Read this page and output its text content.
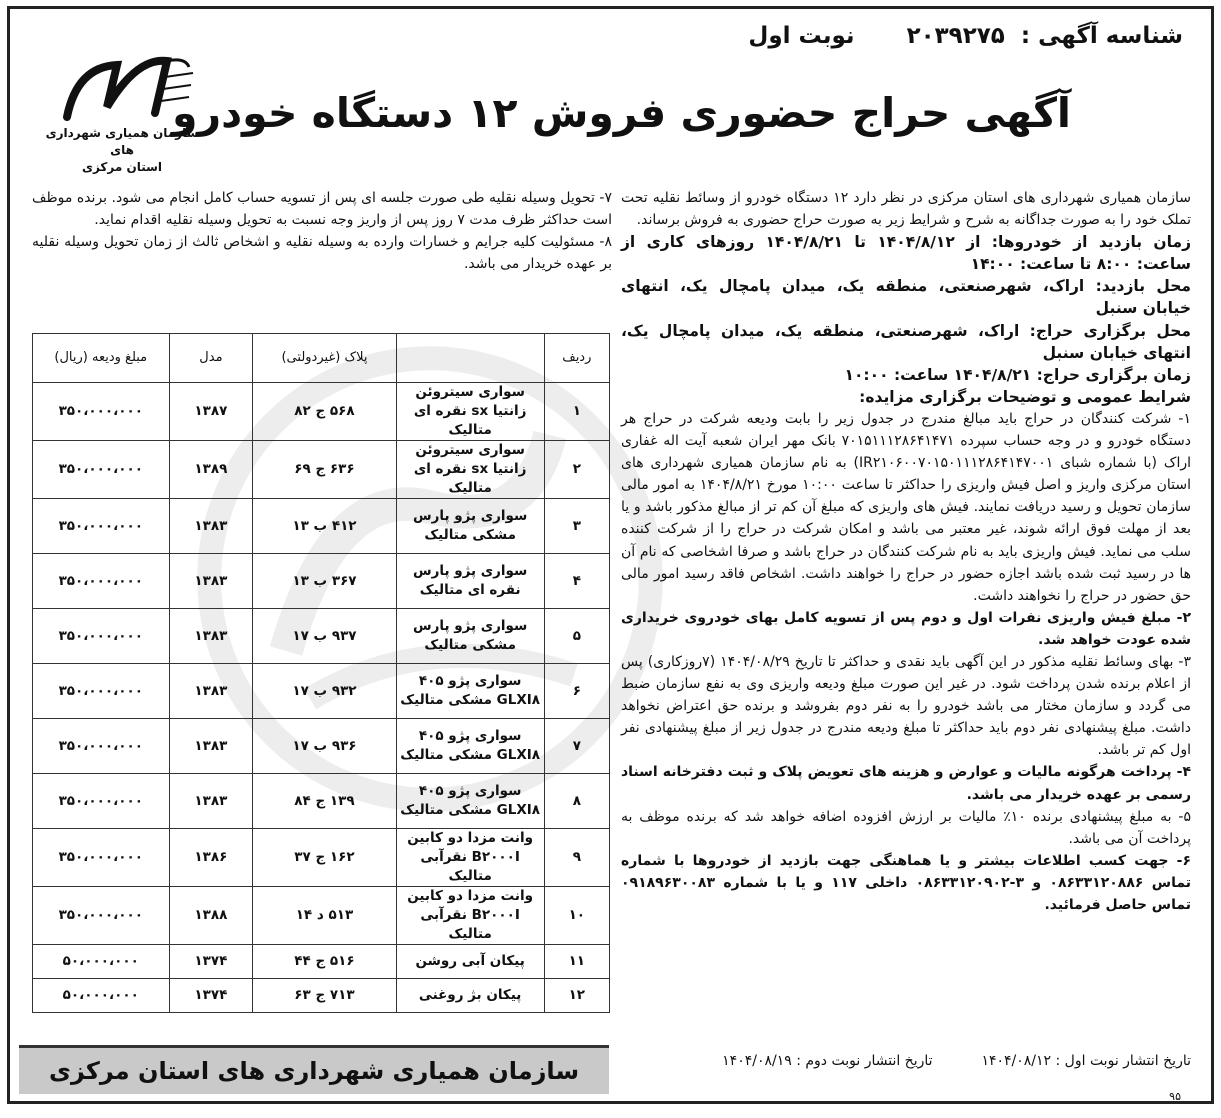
شناسه آگهی : ۲۰۳۹۲۷۵ نوبت اول
آگهی حراج حضوری فروش ۱۲ دستگاه خودرو
سازمان همیاری شهرداری های
استان مرکزی

سازمان همیاری شهرداری های استان مرکزی در نظر دارد ۱۲ دستگاه خودرو از وسائط نقلیه تحت تملک خود را به صورت جداگانه به شرح و شرایط زیر به صورت حراج حضوری به فروش برساند.

زمان بازدید از خودروها: از ۱۴۰۴/۸/۱۲ تا ۱۴۰۴/۸/۲۱ روزهای کاری از ساعت: ۸:۰۰ تا ساعت: ۱۴:۰۰

محل بازدید: اراک، شهرصنعتی، منطقه یک، میدان پامچال یک، انتهای خیابان سنبل

محل برگزاری حراج: اراک، شهرصنعتی، منطقه یک، میدان پامچال یک، انتهای خیابان سنبل

زمان برگزاری حراج: ۱۴۰۴/۸/۲۱ ساعت: ۱۰:۰۰

شرایط عمومی و توضیحات برگزاری مزایده:

۱- شرکت کنندگان در حراج باید مبالغ مندرج در جدول زیر را بابت ودیعه شرکت در حراج هر دستگاه خودرو و در وجه حساب سپرده ۷۰۱۵۱۱۱۲۸۶۴۱۴۷۱ بانک مهر ایران شعبه آیت اله غفاری اراک (با شماره شبای IR۲۱۰۶۰۰۷۰۱۵۰۱۱۱۲۸۶۴۱۴۷۰۰۱) به نام سازمان همیاری شهرداری های استان مرکزی واریز و اصل فیش واریزی را حداکثر تا ساعت ۱۰:۰۰ مورخ ۱۴۰۴/۸/۲۱ به امور مالی سازمان تحویل و رسید دریافت نمایند. فیش های واریزی که مبلغ آن کم تر از مبالغ مذکور باشد و یا بعد از مهلت فوق ارائه شوند، غیر معتبر می باشد و امکان شرکت در حراج را از شرکت کننده سلب می نماید. فیش واریزی باید به نام شرکت کنندگان در حراج باشد و صرفا اشخاصی که نام آن ها در رسید ثبت شده باشد اجازه حضور در حراج را خواهند داشت. اشخاص فاقد رسید امور مالی حق حضور در حراج را نخواهند داشت.

۲- مبلغ فیش واریزی نفرات اول و دوم پس از تسویه کامل بهای خودروی خریداری شده عودت خواهد شد.

۳- بهای وسائط نقلیه مذکور در این آگهی باید نقدی و حداکثر تا تاریخ ۱۴۰۴/۰۸/۲۹ (۷روزکاری) پس از اعلام برنده شدن پرداخت شود. در غیر این صورت مبلغ ودیعه واریزی وی به نفع سازمان ضبط می گردد و سازمان مختار می باشد خودرو را به نفر دوم بفروشد و برنده حق اعتراض نخواهد داشت. مبلغ پیشنهادی نفر دوم باید حداکثر تا مبلغ ودیعه مندرج در جدول زیر از مبلغ پیشنهادی نفر اول کم تر باشد.

۴- پرداخت هرگونه مالیات و عوارض و هزینه های تعویض پلاک و ثبت دفترخانه اسناد رسمی بر عهده خریدار می باشد.

۵- به مبلغ پیشنهادی برنده ۱۰٪ مالیات بر ارزش افزوده اضافه خواهد شد که برنده موظف به پرداخت آن می باشد.

۶- جهت کسب اطلاعات بیشتر و یا هماهنگی جهت بازدید از خودروها با شماره تماس ۰۸۶۳۳۱۲۰۸۸۶ و ۳-۰۸۶۳۳۱۲۰۹۰۲ داخلی ۱۱۷ و یا با شماره ۰۹۱۸۹۶۳۰۰۸۳ تماس حاصل فرمائید.

تاریخ انتشار نوبت اول : ۱۴۰۴/۰۸/۱۲  تاریخ انتشار نوبت دوم : ۱۴۰۴/۰۸/۱۹

۷- تحویل وسیله نقلیه طی صورت جلسه ای پس از تسویه حساب کامل انجام می شود. برنده موظف است حداکثر ظرف مدت ۷ روز پس از واریز وجه نسبت به تحویل وسیله نقلیه اقدام نماید.

۸- مسئولیت کلیه جرایم و خسارات وارده به وسیله نقلیه و اشخاص ثالث از زمان تحویل وسیله نقلیه بر عهده خریدار می باشد.

ردیف		پلاک (غیردولتی)	مدل	مبلغ ودیعه (ریال)
۱	سواری سیتروئن زانتیا sx نقره ای متالیک	۵۶۸ ج ۸۲	۱۳۸۷	۳۵۰،۰۰۰،۰۰۰
۲	سواری سیتروئن زانتیا sx نقره ای متالیک	۶۳۶ ج ۶۹	۱۳۸۹	۳۵۰،۰۰۰،۰۰۰
۳	سواری پژو پارس مشکی متالیک	۴۱۲ ب ۱۳	۱۳۸۳	۳۵۰،۰۰۰،۰۰۰
۴	سواری پژو پارس نقره ای متالیک	۳۶۷ ب ۱۳	۱۳۸۳	۳۵۰،۰۰۰،۰۰۰
۵	سواری پژو پارس مشکی متالیک	۹۳۷ ب ۱۷	۱۳۸۳	۳۵۰،۰۰۰،۰۰۰
۶	سواری پژو ۴۰۵ GLXI۸ مشکی متالیک	۹۳۲ ب ۱۷	۱۳۸۳	۳۵۰،۰۰۰،۰۰۰
۷	سواری پژو ۴۰۵ GLXI۸ مشکی متالیک	۹۳۶ ب ۱۷	۱۳۸۳	۳۵۰،۰۰۰،۰۰۰
۸	سواری پژو ۴۰۵ GLXI۸ مشکی متالیک	۱۳۹ ج ۸۴	۱۳۸۳	۳۵۰،۰۰۰،۰۰۰
۹	وانت مزدا دو کابین B۲۰۰۰I نقرآبی متالیک	۱۶۲ ج ۳۷	۱۳۸۶	۳۵۰،۰۰۰،۰۰۰
۱۰	وانت مزدا دو کابین B۲۰۰۰I نقرآبی متالیک	۵۱۳ د ۱۴	۱۳۸۸	۳۵۰،۰۰۰،۰۰۰
۱۱	پیکان آبی روشن	۵۱۶ ج ۴۴	۱۳۷۴	۵۰،۰۰۰،۰۰۰
۱۲	پیکان بژ روغنی	۷۱۳ ج ۶۳	۱۳۷۴	۵۰،۰۰۰،۰۰۰
سازمان همیاری شهرداری های استان مرکزی
۹۵
